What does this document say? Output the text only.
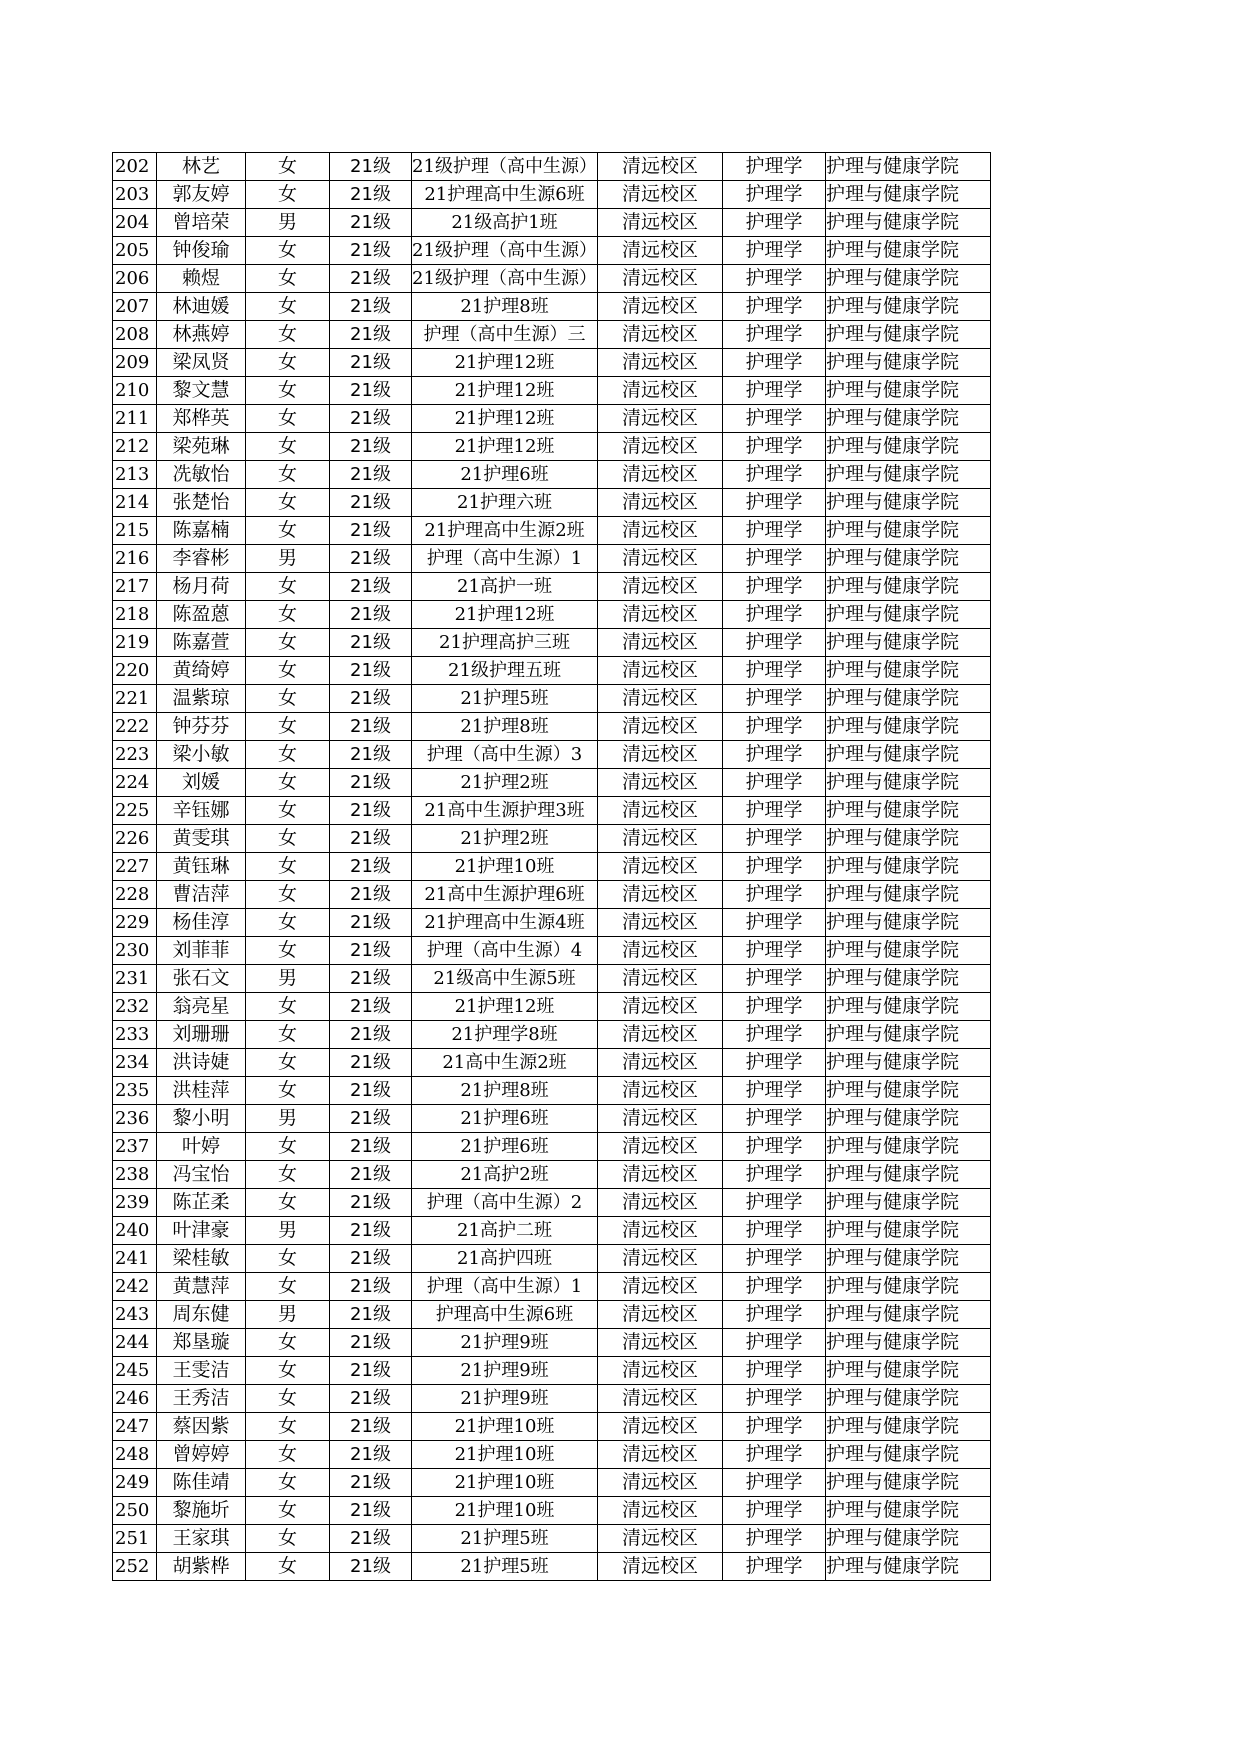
202	林艺	女	21级	21级护理（高中生源）	清远校区	护理学	护理与健康学院
203	郭友婷	女	21级	21护理高中生源6班	清远校区	护理学	护理与健康学院
204	曾培荣	男	21级	21级高护1班	清远校区	护理学	护理与健康学院
205	钟俊瑜	女	21级	21级护理（高中生源）	清远校区	护理学	护理与健康学院
206	赖煜	女	21级	21级护理（高中生源）	清远校区	护理学	护理与健康学院
207	林迪媛	女	21级	21护理8班	清远校区	护理学	护理与健康学院
208	林燕婷	女	21级	护理（高中生源）三	清远校区	护理学	护理与健康学院
209	梁凤贤	女	21级	21护理12班	清远校区	护理学	护理与健康学院
210	黎文慧	女	21级	21护理12班	清远校区	护理学	护理与健康学院
211	郑桦英	女	21级	21护理12班	清远校区	护理学	护理与健康学院
212	梁苑琳	女	21级	21护理12班	清远校区	护理学	护理与健康学院
213	冼敏怡	女	21级	21护理6班	清远校区	护理学	护理与健康学院
214	张楚怡	女	21级	21护理六班	清远校区	护理学	护理与健康学院
215	陈嘉楠	女	21级	21护理高中生源2班	清远校区	护理学	护理与健康学院
216	李睿彬	男	21级	护理（高中生源）1	清远校区	护理学	护理与健康学院
217	杨月荷	女	21级	21高护一班	清远校区	护理学	护理与健康学院
218	陈盈蒽	女	21级	21护理12班	清远校区	护理学	护理与健康学院
219	陈嘉萱	女	21级	21护理高护三班	清远校区	护理学	护理与健康学院
220	黄绮婷	女	21级	21级护理五班	清远校区	护理学	护理与健康学院
221	温紫琼	女	21级	21护理5班	清远校区	护理学	护理与健康学院
222	钟芬芬	女	21级	21护理8班	清远校区	护理学	护理与健康学院
223	梁小敏	女	21级	护理（高中生源）3	清远校区	护理学	护理与健康学院
224	刘媛	女	21级	21护理2班	清远校区	护理学	护理与健康学院
225	辛钰娜	女	21级	21高中生源护理3班	清远校区	护理学	护理与健康学院
226	黄雯琪	女	21级	21护理2班	清远校区	护理学	护理与健康学院
227	黄钰琳	女	21级	21护理10班	清远校区	护理学	护理与健康学院
228	曹洁萍	女	21级	21高中生源护理6班	清远校区	护理学	护理与健康学院
229	杨佳淳	女	21级	21护理高中生源4班	清远校区	护理学	护理与健康学院
230	刘菲菲	女	21级	护理（高中生源）4	清远校区	护理学	护理与健康学院
231	张石文	男	21级	21级高中生源5班	清远校区	护理学	护理与健康学院
232	翁亮星	女	21级	21护理12班	清远校区	护理学	护理与健康学院
233	刘珊珊	女	21级	21护理学8班	清远校区	护理学	护理与健康学院
234	洪诗婕	女	21级	21高中生源2班	清远校区	护理学	护理与健康学院
235	洪桂萍	女	21级	21护理8班	清远校区	护理学	护理与健康学院
236	黎小明	男	21级	21护理6班	清远校区	护理学	护理与健康学院
237	叶婷	女	21级	21护理6班	清远校区	护理学	护理与健康学院
238	冯宝怡	女	21级	21高护2班	清远校区	护理学	护理与健康学院
239	陈芷柔	女	21级	护理（高中生源）2	清远校区	护理学	护理与健康学院
240	叶津豪	男	21级	21高护二班	清远校区	护理学	护理与健康学院
241	梁桂敏	女	21级	21高护四班	清远校区	护理学	护理与健康学院
242	黄慧萍	女	21级	护理（高中生源）1	清远校区	护理学	护理与健康学院
243	周东健	男	21级	护理高中生源6班	清远校区	护理学	护理与健康学院
244	郑垦璇	女	21级	21护理9班	清远校区	护理学	护理与健康学院
245	王雯洁	女	21级	21护理9班	清远校区	护理学	护理与健康学院
246	王秀洁	女	21级	21护理9班	清远校区	护理学	护理与健康学院
247	蔡因紫	女	21级	21护理10班	清远校区	护理学	护理与健康学院
248	曾婷婷	女	21级	21护理10班	清远校区	护理学	护理与健康学院
249	陈佳靖	女	21级	21护理10班	清远校区	护理学	护理与健康学院
250	黎施圻	女	21级	21护理10班	清远校区	护理学	护理与健康学院
251	王家琪	女	21级	21护理5班	清远校区	护理学	护理与健康学院
252	胡紫桦	女	21级	21护理5班	清远校区	护理学	护理与健康学院
